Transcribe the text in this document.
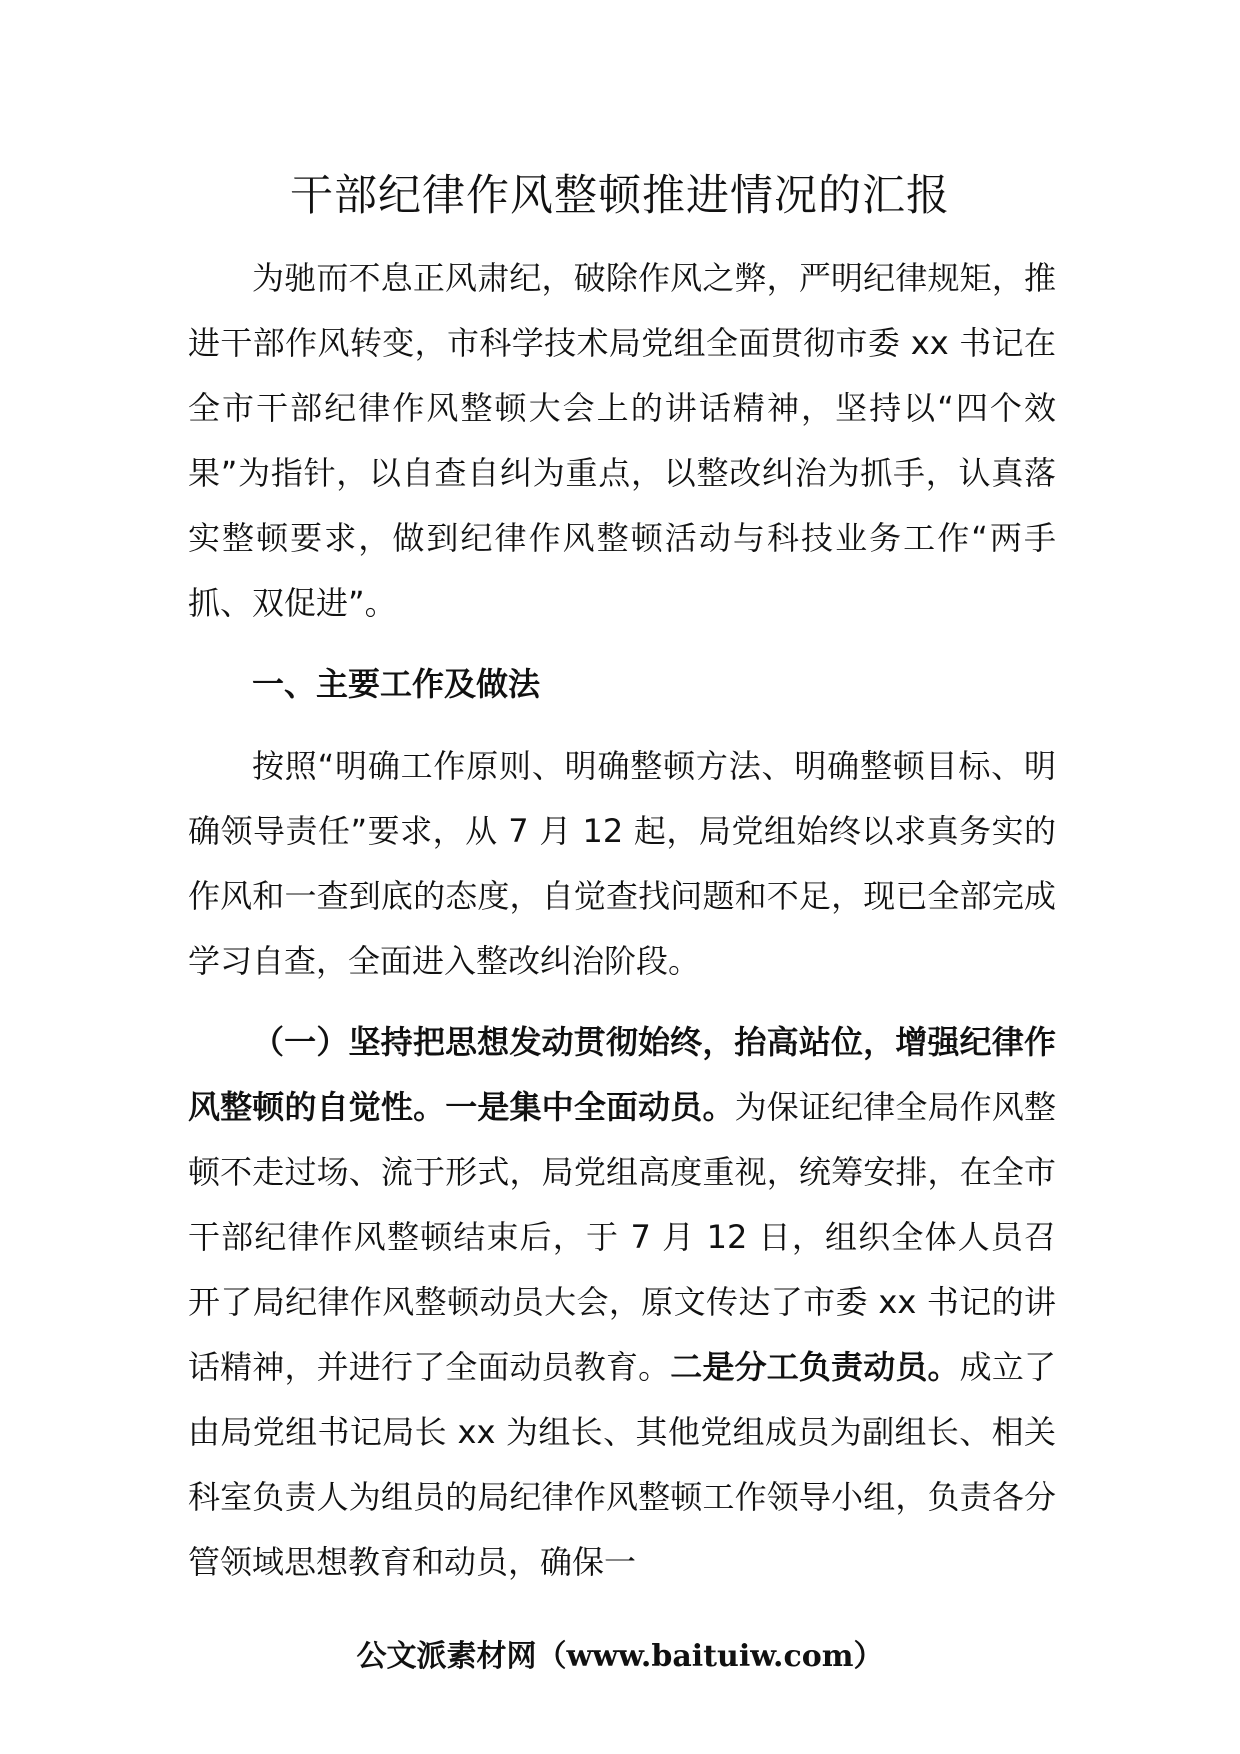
干部纪律作风整顿推进情况的汇报

为驰而不息正风肃纪，破除作风之弊，严明纪律规矩，推进干部作风转变，市科学技术局党组全面贯彻市委 xx 书记在全市干部纪律作风整顿大会上的讲话精神，坚持以“四个效果”为指针，以自查自纠为重点，以整改纠治为抓手，认真落实整顿要求，做到纪律作风整顿活动与科技业务工作“两手抓、双促进”。

一、主要工作及做法

按照“明确工作原则、明确整顿方法、明确整顿目标、明确领导责任”要求，从 7 月 12 起，局党组始终以求真务实的作风和一查到底的态度，自觉查找问题和不足，现已全部完成学习自查，全面进入整改纠治阶段。

（一）坚持把思想发动贯彻始终，抬高站位，增强纪律作风整顿的自觉性。一是集中全面动员。为保证纪律全局作风整顿不走过场、流于形式，局党组高度重视，统筹安排，在全市干部纪律作风整顿结束后，于 7 月 12 日，组织全体人员召开了局纪律作风整顿动员大会，原文传达了市委 xx 书记的讲话精神，并进行了全面动员教育。二是分工负责动员。成立了由局党组书记局长 xx 为组长、其他党组成员为副组长、相关科室负责人为组员的局纪律作风整顿工作领导小组，负责各分管领域思想教育和动员，确保一

公文派素材网（www.baituiw.com）
